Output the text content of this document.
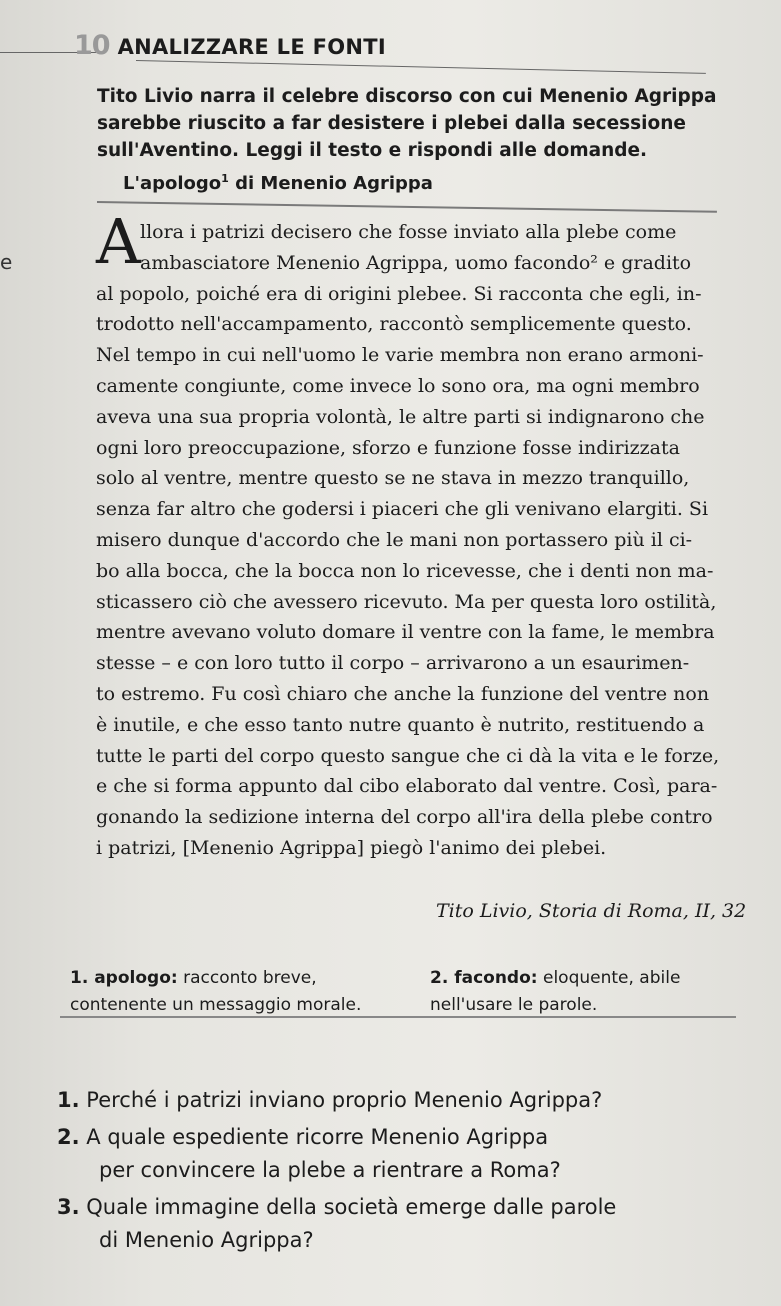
10 ANALIZZARE LE FONTI
Tito Livio narra il celebre discorso con cui Menenio Agrippa
sarebbe riuscito a far desistere i plebei dalla secessione
sull'Aventino. Leggi il testo e rispondi alle domande.
L'apologo$^1$ di Menenio Agrippa
e A llora i patrizi decisero che fosse inviato alla plebe come
ambasciatore Menenio Agrippa, uomo facondo² e gradito
al popolo, poiché era di origini plebee. Si racconta che egli, in-
trodotto nell'accampamento, raccontò semplicemente questo.
Nel tempo in cui nell'uomo le varie membra non erano armoni-
camente congiunte, come invece lo sono ora, ma ogni membro
aveva una sua propria volontà, le altre parti si indignarono che
ogni loro preoccupazione, sforzo e funzione fosse indirizzata
solo al ventre, mentre questo se ne stava in mezzo tranquillo,
senza far altro che godersi i piaceri che gli venivano elargiti. Si
misero dunque d'accordo che le mani non portassero più il ci-
bo alla bocca, che la bocca non lo ricevesse, che i denti non ma-
sticassero ciò che avessero ricevuto. Ma per questa loro ostilità,
mentre avevano voluto domare il ventre con la fame, le membra
stesse – e con loro tutto il corpo – arrivarono a un esaurimen-
to estremo. Fu così chiaro che anche la funzione del ventre non
è inutile, e che esso tanto nutre quanto è nutrito, restituendo a
tutte le parti del corpo questo sangue che ci dà la vita e le forze,
e che si forma appunto dal cibo elaborato dal ventre. Così, para-
gonando la sedizione interna del corpo all'ira della plebe contro
i patrizi, [Menenio Agrippa] piegò l'animo dei plebei.
Tito Livio, Storia di Roma, II, 32
1. apologo: racconto breve, contenente un messaggio morale.
2. facondo: eloquente, abile nell'usare le parole.
1. Perché i patrizi inviano proprio Menenio Agrippa?
2. A quale espediente ricorre Menenio Agrippa
per convincere la plebe a rientrare a Roma?
3. Quale immagine della società emerge dalle parole
di Menenio Agrippa?
